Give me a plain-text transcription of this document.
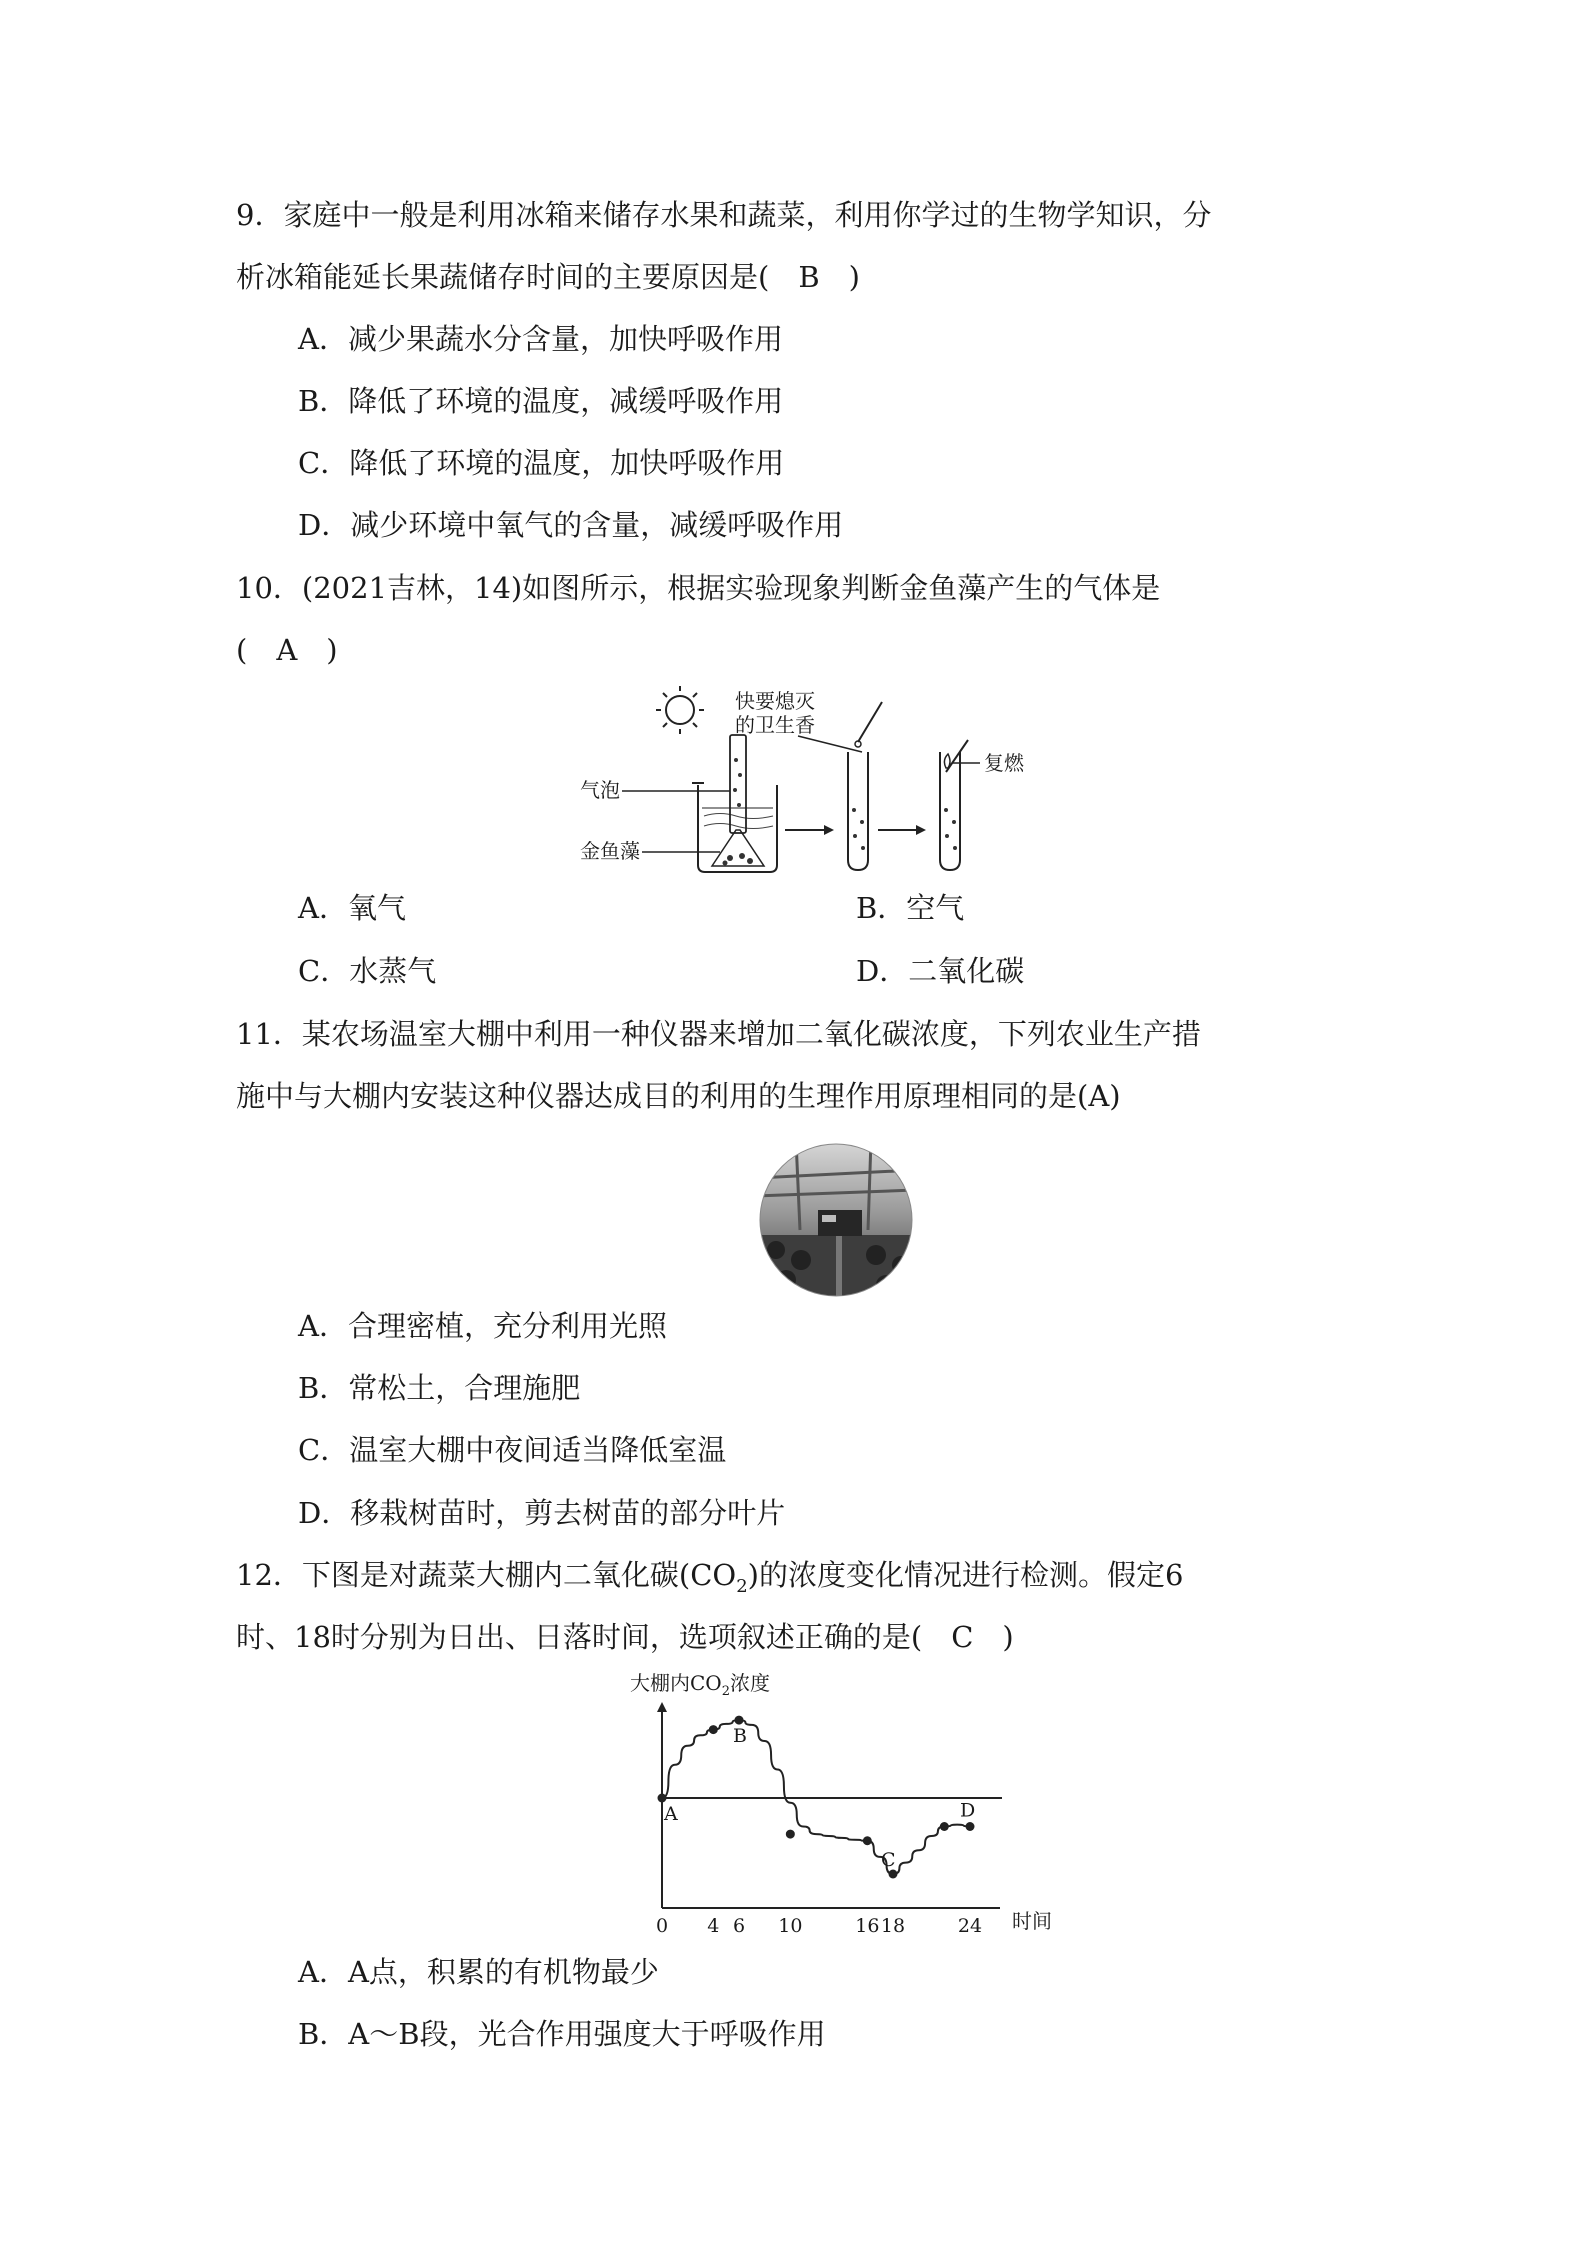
9．家庭中一般是利用冰箱来储存水果和蔬菜，利用你学过的生物学知识，分
析冰箱能延长果蔬储存时间的主要原因是(　B　)
A．减少果蔬水分含量，加快呼吸作用
B．降低了环境的温度，减缓呼吸作用
C．降低了环境的温度，加快呼吸作用
D．减少环境中氧气的含量，减缓呼吸作用
10．(2021吉林，14)如图所示，根据实验现象判断金鱼藻产生的气体是
(　A　)
快要熄灭
的卫生香
气泡
金鱼藻
复燃
A．氧气	B．空气
C．水蒸气	D．二氧化碳
11．某农场温室大棚中利用一种仪器来增加二氧化碳浓度，下列农业生产措
施中与大棚内安装这种仪器达成目的利用的生理作用原理相同的是(A)
A．合理密植，充分利用光照
B．常松土，合理施肥
C．温室大棚中夜间适当降低室温
D．移栽树苗时，剪去树苗的部分叶片
12．下图是对蔬菜大棚内二氧化碳$(CO_2)$的浓度变化情况进行检测。假定6
时、18时分别为日出、日落时间，选项叙述正确的是(　C　)
大棚内$CO_2$浓度
A
B
C
D
0 4 6 10	16 18	24 时间
A．A点，积累的有机物最少
B．A～B段，光合作用强度大于呼吸作用
